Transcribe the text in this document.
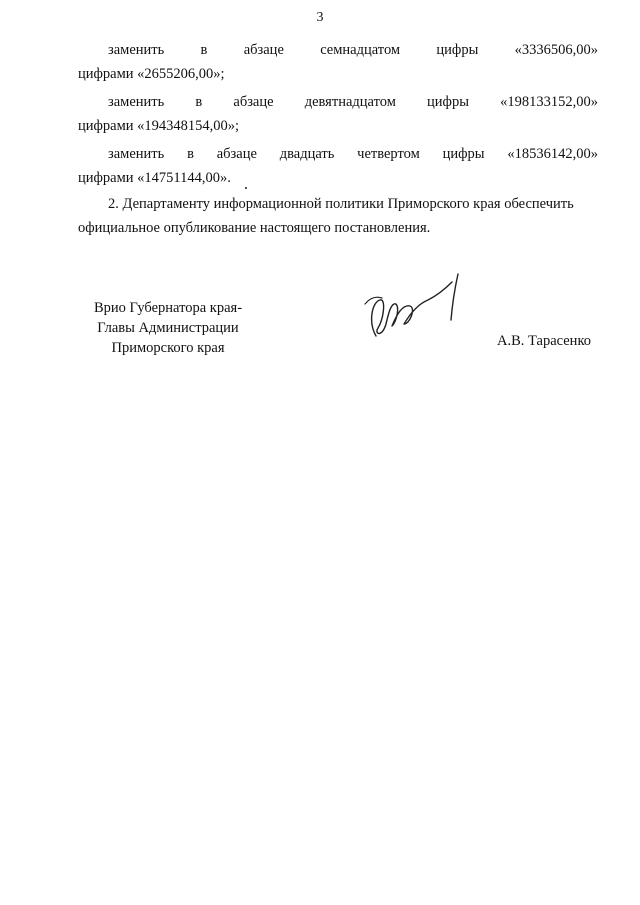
3
заменить	в	абзаце	семнадцатом	цифры	«3336506,00»
цифрами «2655206,00»;
заменить в абзаце девятнадцатом цифры «198133152,00»
цифрами «194348154,00»;
заменить в абзаце двадцать четвертом цифры «18536142,00»
цифрами «14751144,00».
2. Департаменту информационной политики Приморского края обеспечить
официальное опубликование настоящего постановления.
Врио Губернатора края-
Главы Администрации
Приморского края	А.В. Тарасенко
